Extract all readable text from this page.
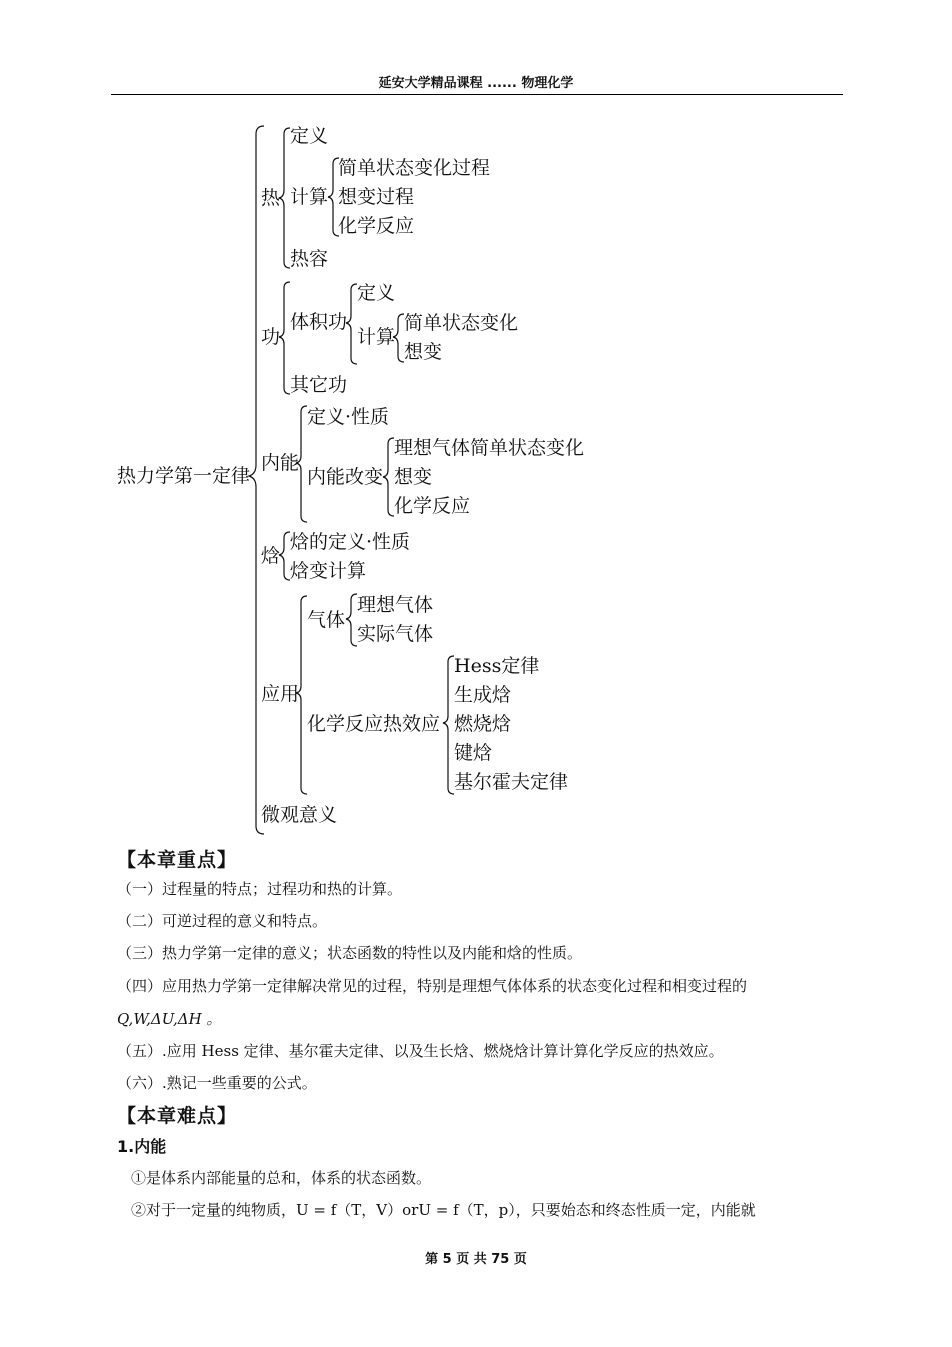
延安大学精品课程 ...... 物理化学
热力学第一定律
热
定义
计算
简单状态变化过程
想变过程
化学反应
热容
功
体积功
定义
计算
简单状态变化
想变
其它功
内能
定义·性质
内能改变
理想气体简单状态变化
想变
化学反应
焓
焓的定义·性质
焓变计算
应用
气体
理想气体
实际气体
化学反应热效应
Hess定律
生成焓
燃烧焓
键焓
基尔霍夫定律
微观意义
【本章重点】
（一）过程量的特点；过程功和热的计算。
（二）可逆过程的意义和特点。
（三）热力学第一定律的意义；状态函数的特性以及内能和焓的性质。
（四）应用热力学第一定律解决常见的过程，特别是理想气体体系的状态变化过程和相变过程的
Q,W,ΔU,ΔH 。
（五）.应用 Hess 定律、基尔霍夫定律、以及生长焓、燃烧焓计算计算化学反应的热效应。
（六）.熟记一些重要的公式。
【本章难点】
1.内能
①是体系内部能量的总和，体系的状态函数。
②对于一定量的纯物质，U = f（T，V）orU = f（T，p），只要始态和终态性质一定，内能就
第 5 页 共 75 页
